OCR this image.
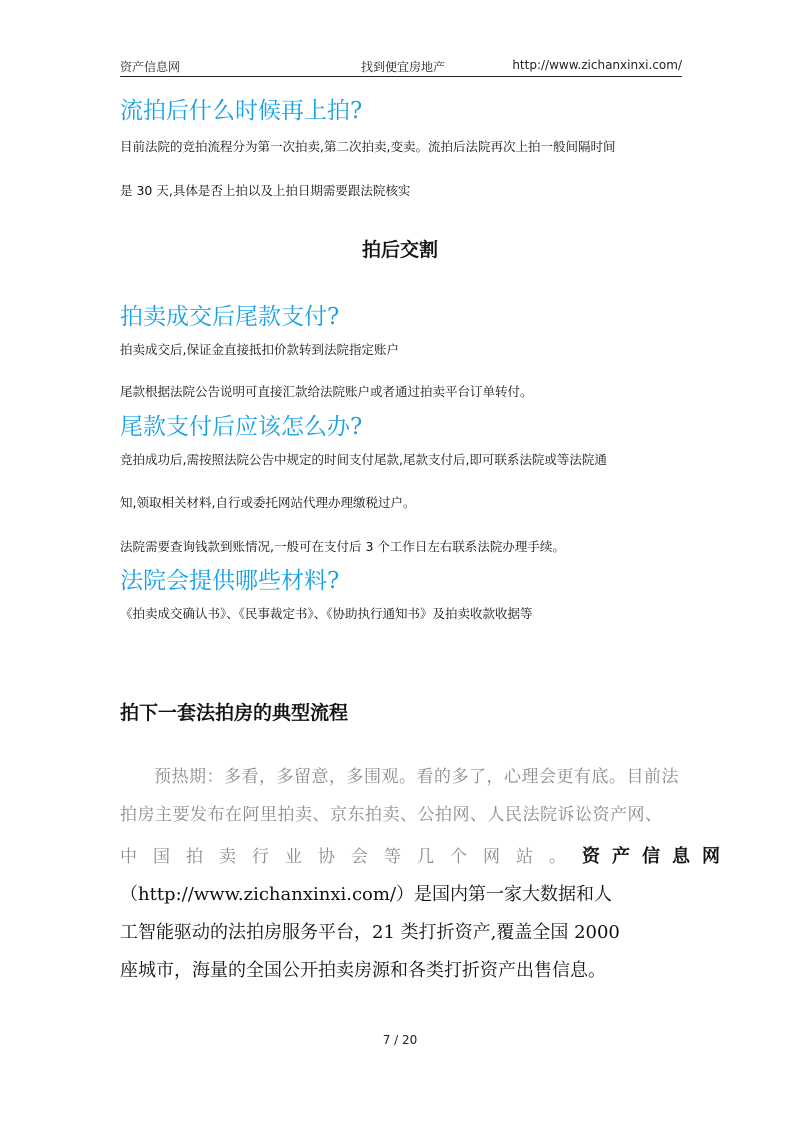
资产信息网	找到便宜房地产	http://www.zichanxinxi.com/
流拍后什么时候再上拍?

目前法院的竞拍流程分为第一次拍卖,第二次拍卖,变卖。流拍后法院再次上拍一般间隔时间

是 30 天,具体是否上拍以及上拍日期需要跟法院核实

拍后交割
拍卖成交后尾款支付?

拍卖成交后,保证金直接抵扣价款转到法院指定账户

尾款根据法院公告说明可直接汇款给法院账户或者通过拍卖平台订单转付。

尾款支付后应该怎么办?

竞拍成功后,需按照法院公告中规定的时间支付尾款,尾款支付后,即可联系法院或等法院通

知,领取相关材料,自行或委托网站代理办理缴税过户。

法院需要查询钱款到账情况,一般可在支付后 3 个工作日左右联系法院办理手续。

法院会提供哪些材料?

《拍卖成交确认书》、《民事裁定书》、《协助执行通知书》及拍卖收款收据等

拍下一套法拍房的典型流程
预热期：多看，多留意，多围观。看的多了，心理会更有底。目前法
拍房主要发布在阿里拍卖、京东拍卖、公拍网、人民法院诉讼资产网、
中国拍卖行业协会等几个网站。资产信息网
（http://www.zichanxinxi.com/）是国内第一家大数据和人
工智能驱动的法拍房服务平台，21 类打折资产,覆盖全国 2000
座城市，海量的全国公开拍卖房源和各类打折资产出售信息。
7 / 20
